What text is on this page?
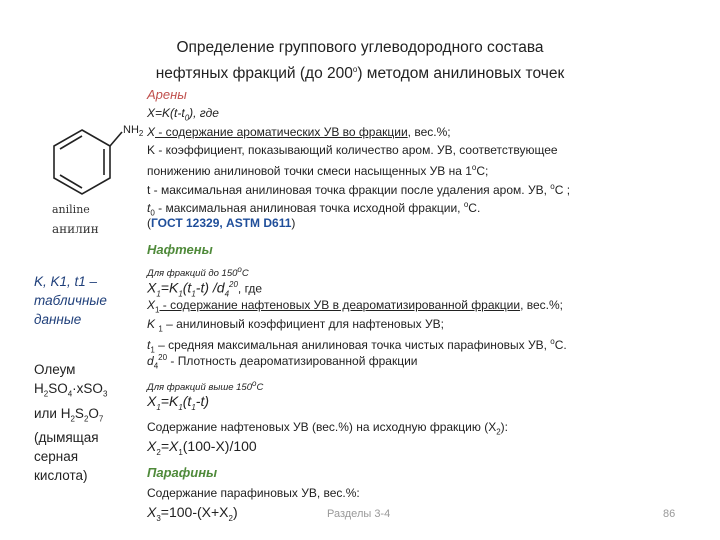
Определение группового углеводородного состава
нефтяных фракций (до $200^о$) методом анилиновых точек
$NH_2$
aniline
анилин
K, K1, t1 –
табличные
данные
Олеум
$H_2SO_4\cdot xSO_3$
или $H_2S_2O_7$
(дымящая
серная
кислота)
Арены
$X=K(t-t_0)$, где
X - содержание ароматических УВ во фракции, вес.%;
K - коэффициент, показывающий количество аром. УВ, соответствующее
понижению анилиновой точки смеси насыщенных УВ на $1^оС$;
t - максимальная анилиновая точка фракции после удаления аром. УВ, $^о$С ;
$t_0$ - максимальная анилиновая точка исходной фракции, $^о$С.
(ГОСТ 12329, ASTM D611)
Нафтены
Для фракций до $150^оС$
$X_1=K_1(t_1-t)$ $/d_4^{20}$, где
$X_1$ - содержание нафтеновых УВ в деароматизированной фракции, вес.%;
K $_1$ – анилиновый коэффициент для нафтеновых УВ;
$t_1$ – средняя максимальная анилиновая точка чистых парафиновых УВ, $^о$С.
$d_4^{20}$ - Плотность деароматизированной фракции
Для фракций выше $150^оС$
$X_1=K_1(t_1-t)$
Содержание нафтеновых УВ (вес.%) на исходную фракцию $(X_2)$:
$X_2=X_1(100-X)/100$
Парафины
Содержание парафиновых УВ, вес.%:
$X_3=100-(X+X_2)$	Разделы 3-4	86
